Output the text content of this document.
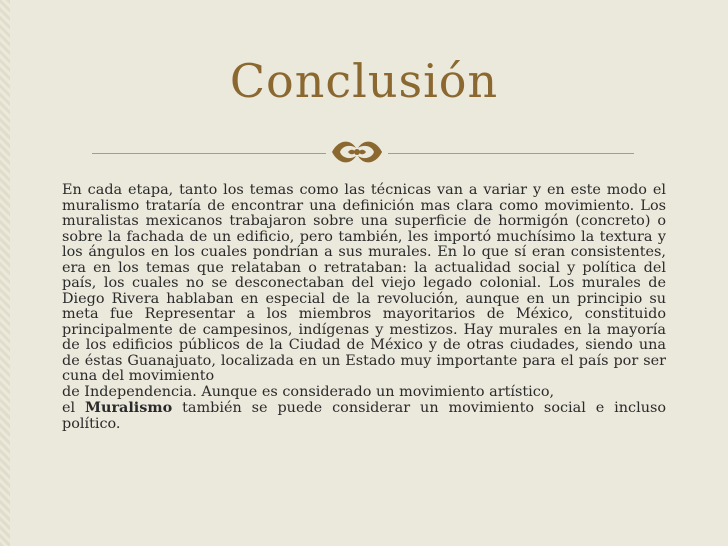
Conclusión

En cada etapa, tanto los temas como las técnicas van a variar y en este modo el muralismo trataría de encontrar una definición mas clara como movimiento. Los muralistas mexicanos trabajaron sobre una superficie de hormigón (concreto) o sobre la fachada de un edificio, pero también, les importó muchísimo la textura y los ángulos en los cuales pondrían a sus murales. En lo que sí eran consistentes, era en los temas que relataban o retrataban: la actualidad social y política del país, los cuales no se desconectaban del viejo legado colonial. Los murales de Diego Rivera hablaban en especial de la revolución, aunque en un principio su meta fue Representar a los miembros mayoritarios de México, constituido principalmente de campesinos, indígenas y mestizos. Hay murales en la mayoría de los edificios públicos de la Ciudad de México y de otras ciudades, siendo una de éstas Guanajuato, localizada en un Estado muy importante para el país por ser cuna del movimiento

de Independencia. Aunque es considerado un movimiento artístico,

el Muralismo también se puede considerar un movimiento social e incluso político.
